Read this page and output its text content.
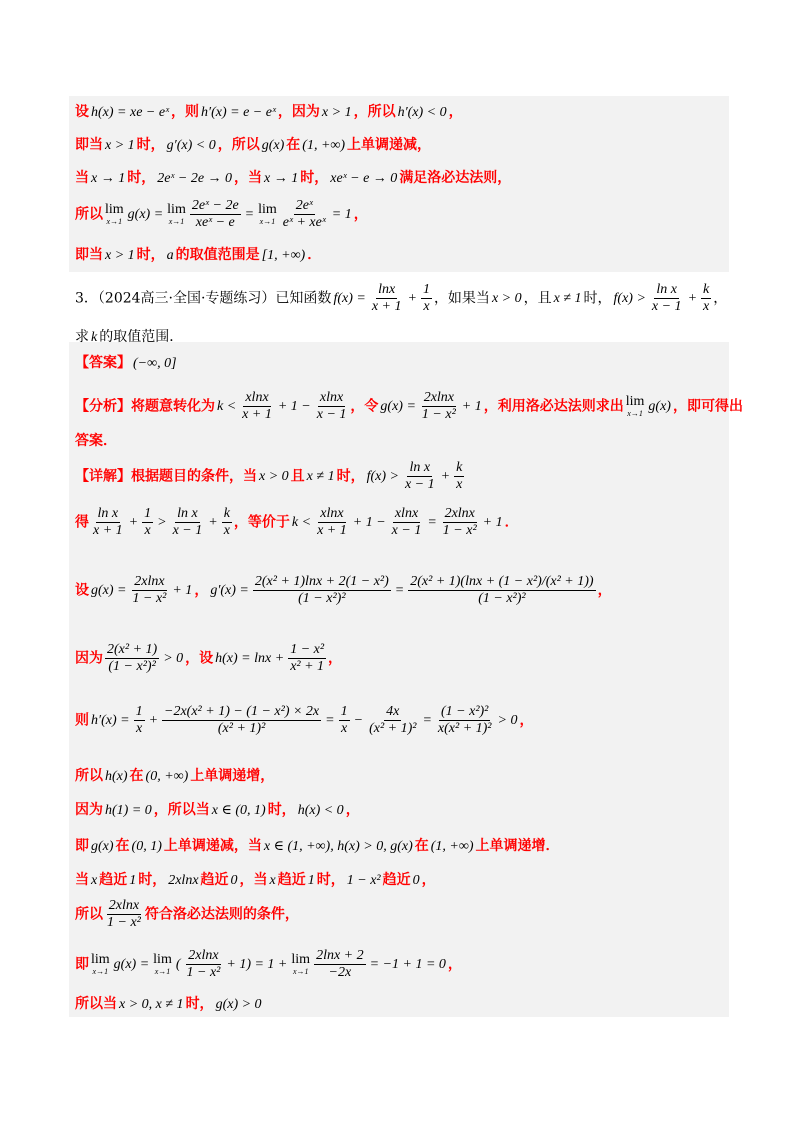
设 h(x) = xe − eˣ ，则 h′(x) = e − eˣ ，因为 x > 1 ，所以 h′(x) < 0 ，
即当 x > 1 时， g′(x) < 0 ，所以 g(x) 在 (1, +∞) 上单调递减，
当 x → 1 时， 2eˣ − 2e → 0 ，当 x → 1 时， xeˣ − e → 0 满足洛必达法则，
所以 lim
x→1 g(x) = lim
$x\to 1 \frac{\text{2eˣ − 2e}}{\text{xeˣ − e}} = \lim$
$x\to 1 \frac{\text{2eˣ}}{\text{eˣ + xeˣ}} = 1$ ，
即当 x > 1 时， a 的取值范围是 [1, +∞) ．
3．（2024高三·全国·专题练习）已知函数 $f(x) = \frac{\ln x}{x + 1} + \frac{1}{x}$ ，如果当 x > 0 ，且 x ≠ 1 时， $f(x) > \frac{\text{ln x}}{x - 1} + \frac{k}{x}$ ，
求 k 的取值范围．
【答案】 (−∞, 0]
【分析】将题意转化为 $k < \frac{xlnx}{x + 1} + 1 - \frac{xlnx}{x - 1}$ ，令 $g(x) = \frac{2xlnx}{\text{1 − x²}} + 1$ ，利用洛必达法则求出 lim
x→1 g(x) ，即可得出
答案．
【详解】根据题目的条件，当 x > 0 且 x ≠ 1 时， $f(x) > \frac{\text{ln x}}{x - 1} + \frac{k}{x}$
得 $\frac{\text{ln x}}{x + 1} + \frac{1}{x} > \frac{\text{ln x}}{x - 1} + \frac{k}{x}$ ，等价于 $k < \frac{xlnx}{x + 1} + 1 - \frac{xlnx}{x - 1} = \frac{2xlnx}{\text{1 − x²}} + 1$ ．
设 $g(x) = \frac{2xlnx}{\text{1 − x²}} + 1$ ， $g'(x) = \frac{\text{2(x² + 1)lnx + 2(1 − x²)}}{\text{(1 − x²)²}} = \frac{\text{2(x² + 1)(lnx + (1 − x²)/(x² + 1))}}{\text{(1 − x²)²}}$ ，
因为 $\frac{\text{2(x² + 1)}}{\text{(1 − x²)²}} > 0$ ，设 $h(x) = \ln x + \frac{\text{1 − x²}}{\text{x² + 1}}$ ，
则 $h'(x) = \frac{1}{x} + \frac{\text{−2x(x² + 1) − (1 − x²) × 2x}}{\text{(x² + 1)²}} = \frac{1}{x} - \frac{4x}{\text{(x² + 1)²}} = \frac{\text{(1 − x²)²}}{\text{x(x² + 1)²}} > 0$ ，
所以 h(x) 在 (0, +∞) 上单调递增，
因为 h(1) = 0 ，所以当 x ∈ (0, 1) 时， h(x) < 0 ，
即 g(x) 在 (0, 1) 上单调递减，当 x ∈ (1, +∞), h(x) > 0, g(x) 在 (1, +∞) 上单调递增．
当 x 趋近 1 时， 2xlnx 趋近 0 ，当 x 趋近 1 时， 1 − x² 趋近 0 ，
所以 $\frac{2xlnx}{\text{1 − x²}}$ 符合洛必达法则的条件，
即 lim
x→1 g(x) = lim
x→1 ( $\frac{2xlnx}{\text{1 − x²}} + 1) = 1 + \lim$
$x\to 1 \frac{2\ln x + 2}{-2x} = -1 + 1 = 0$ ，
所以当 x > 0, x ≠ 1 时， g(x) > 0
